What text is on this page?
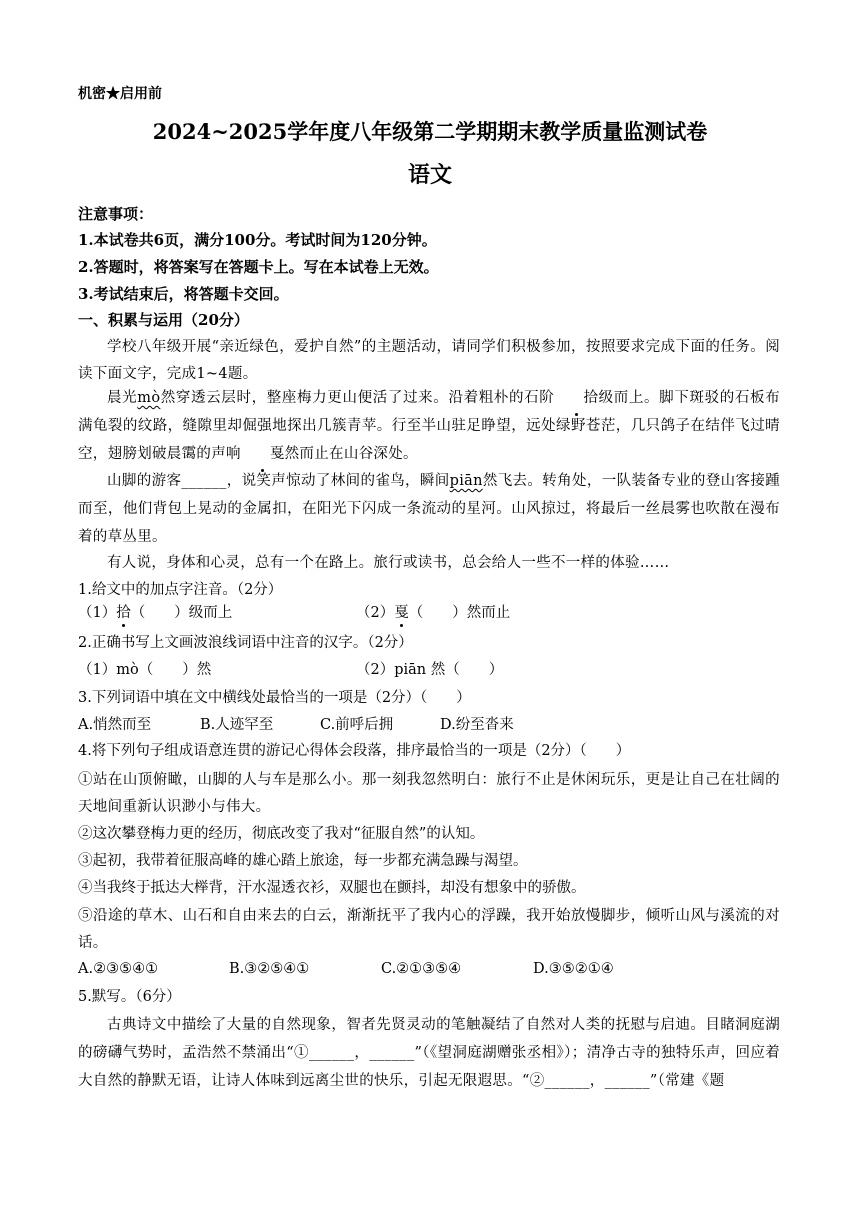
机密★启用前
2024~2025学年度八年级第二学期期末教学质量监测试卷
语文
注意事项：
1.本试卷共6页，满分100分。考试时间为120分钟。
2.答题时，将答案写在答题卡上。写在本试卷上无效。
3.考试结束后，将答题卡交回。
一、积累与运用（20分）
学校八年级开展“亲近绿色，爱护自然”的主题活动，请同学们积极参加，按照要求完成下面的任务。阅读下面文字，完成1~4题。
晨光mò然穿透云层时，整座梅力更山便活了过来。沿着粗朴的石阶 拾级而上。脚下斑驳的石板布满龟裂的纹路，缝隙里却倔强地探出几簇青苹。行至半山驻足睁望，远处绿野苍茫，几只鸽子在结伴飞过晴空，翅膀划破晨霭的声响 戛然而止在山谷深处。
山脚的游客______，说笑声惊动了林间的雀鸟，瞬间piān然飞去。转角处，一队装备专业的登山客接踵而至，他们背包上晃动的金属扣，在阳光下闪成一条流动的星河。山风掠过，将最后一丝晨雾也吹散在漫布着的草丛里。
有人说，身体和心灵，总有一个在路上。旅行或读书，总会给人一些不一样的体验……
1.给文中的加点字注音。（2分）
（1）拾（　　）级而上	（2）戛（　　）然而止
2.正确书写上文画波浪线词语中注音的汉字。（2分）
（1）mò（　　）然	（2）piān 然（　　）
3.下列词语中填在文中横线处最恰当的一项是（2分）（　　）
A.悄然而至	B.人迹罕至	C.前呼后拥	D.纷至沓来
4.将下列句子组成语意连贯的游记心得体会段落，排序最恰当的一项是（2分）（　　）
①站在山顶俯瞰，山脚的人与车是那么小。那一刻我忽然明白：旅行不止是休闲玩乐，更是让自己在壮阔的天地间重新认识渺小与伟大。
②这次攀登梅力更的经历，彻底改变了我对“征服自然”的认知。
③起初，我带着征服高峰的雄心踏上旅途，每一步都充满急躁与渴望。
④当我终于抵达大榉背，汗水湿透衣衫，双腿也在颤抖，却没有想象中的骄傲。
⑤沿途的草木、山石和自由来去的白云，渐渐抚平了我内心的浮躁，我开始放慢脚步，倾听山风与溪流的对话。
A.②③⑤④①	B.③②⑤④①	C.②①③⑤④	D.③⑤②①④
5.默写。（6分）
古典诗文中描绘了大量的自然现象，智者先贤灵动的笔触凝结了自然对人类的抚慰与启迪。目睹洞庭湖的磅礴气势时，孟浩然不禁涌出“①______，______”（《望洞庭湖赠张丞相》）；清净古寺的独特乐声，回应着大自然的静默无语，让诗人体味到远离尘世的快乐，引起无限遐思。“②______，______”（常建《题
